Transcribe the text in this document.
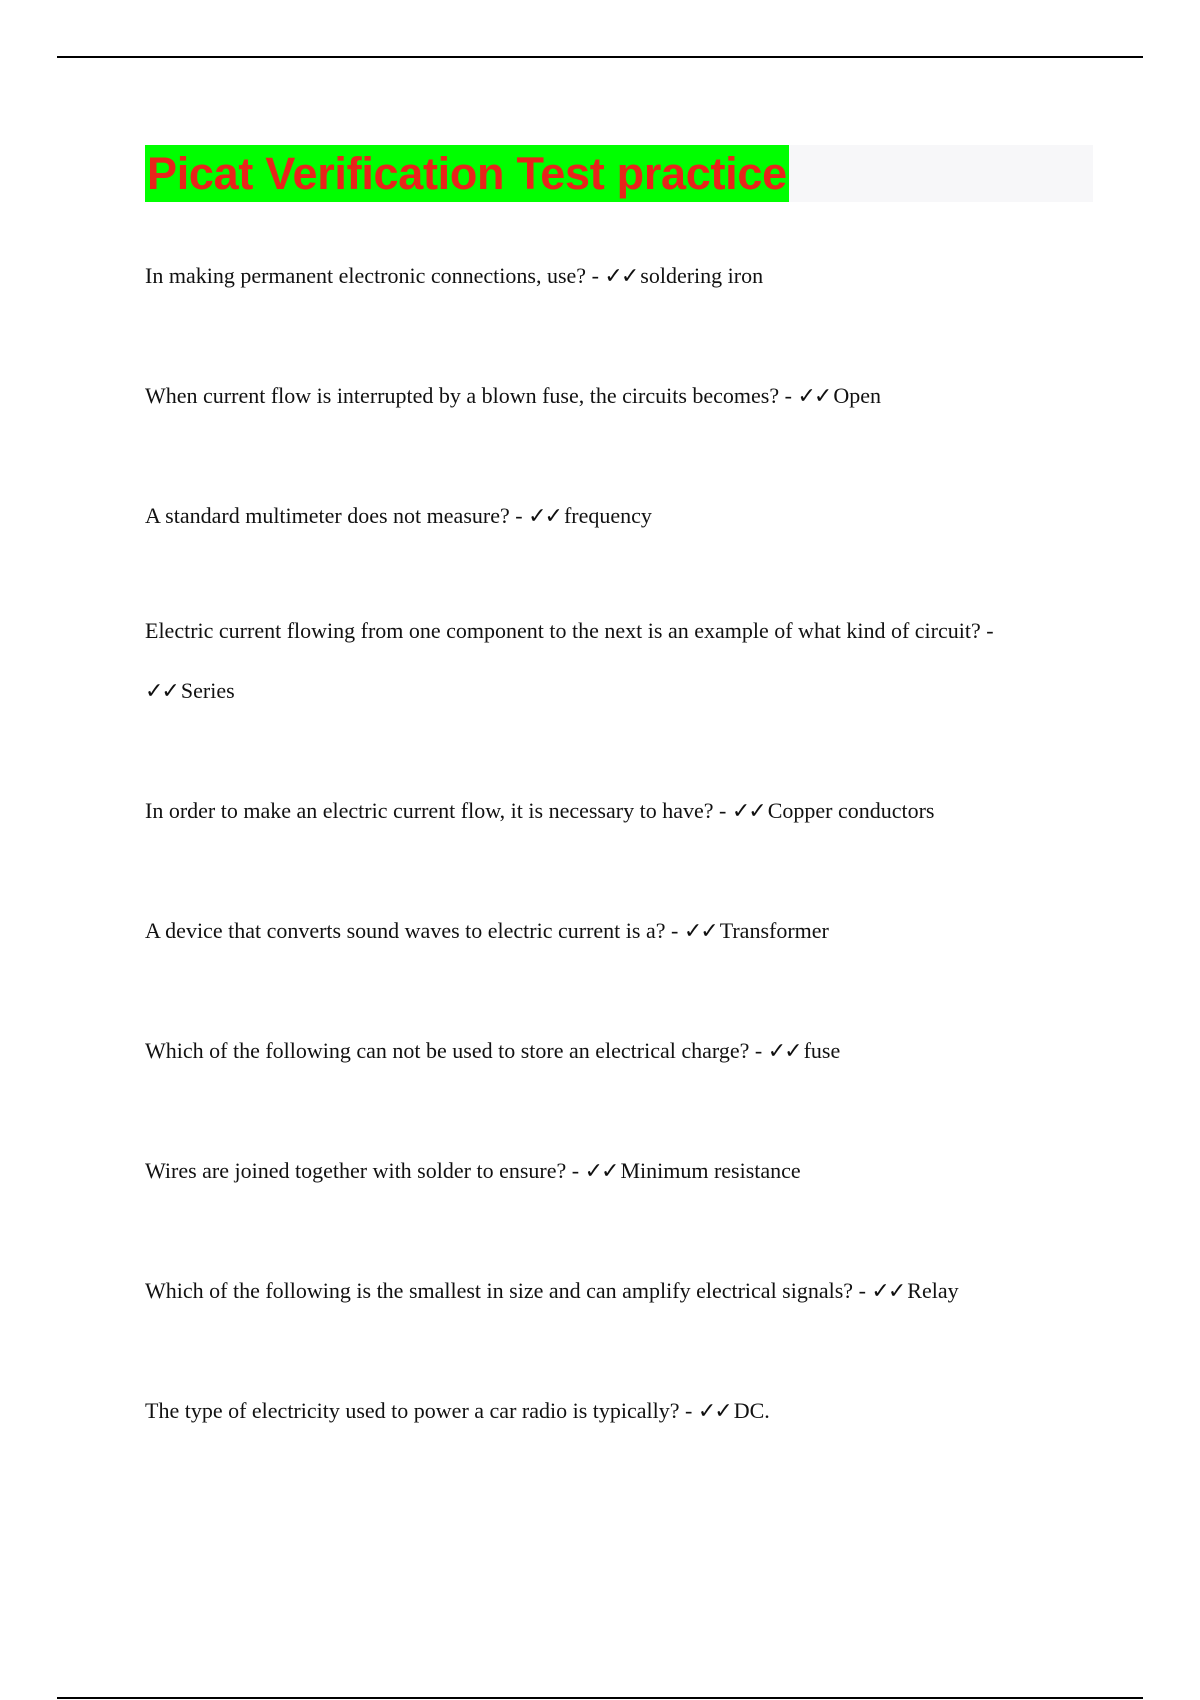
Picat Verification Test practice

In making permanent electronic connections, use? - ✓✓ soldering iron

When current flow is interrupted by a blown fuse, the circuits becomes? - ✓✓ Open

A standard multimeter does not measure? - ✓✓ frequency

Electric current flowing from one component to the next is an example of what kind of circuit? -
✓✓ Series

In order to make an electric current flow, it is necessary to have? - ✓✓ Copper conductors

A device that converts sound waves to electric current is a? - ✓✓ Transformer

Which of the following can not be used to store an electrical charge? - ✓✓ fuse

Wires are joined together with solder to ensure? - ✓✓ Minimum resistance

Which of the following is the smallest in size and can amplify electrical signals? - ✓✓ Relay

The type of electricity used to power a car radio is typically? - ✓✓ DC.
